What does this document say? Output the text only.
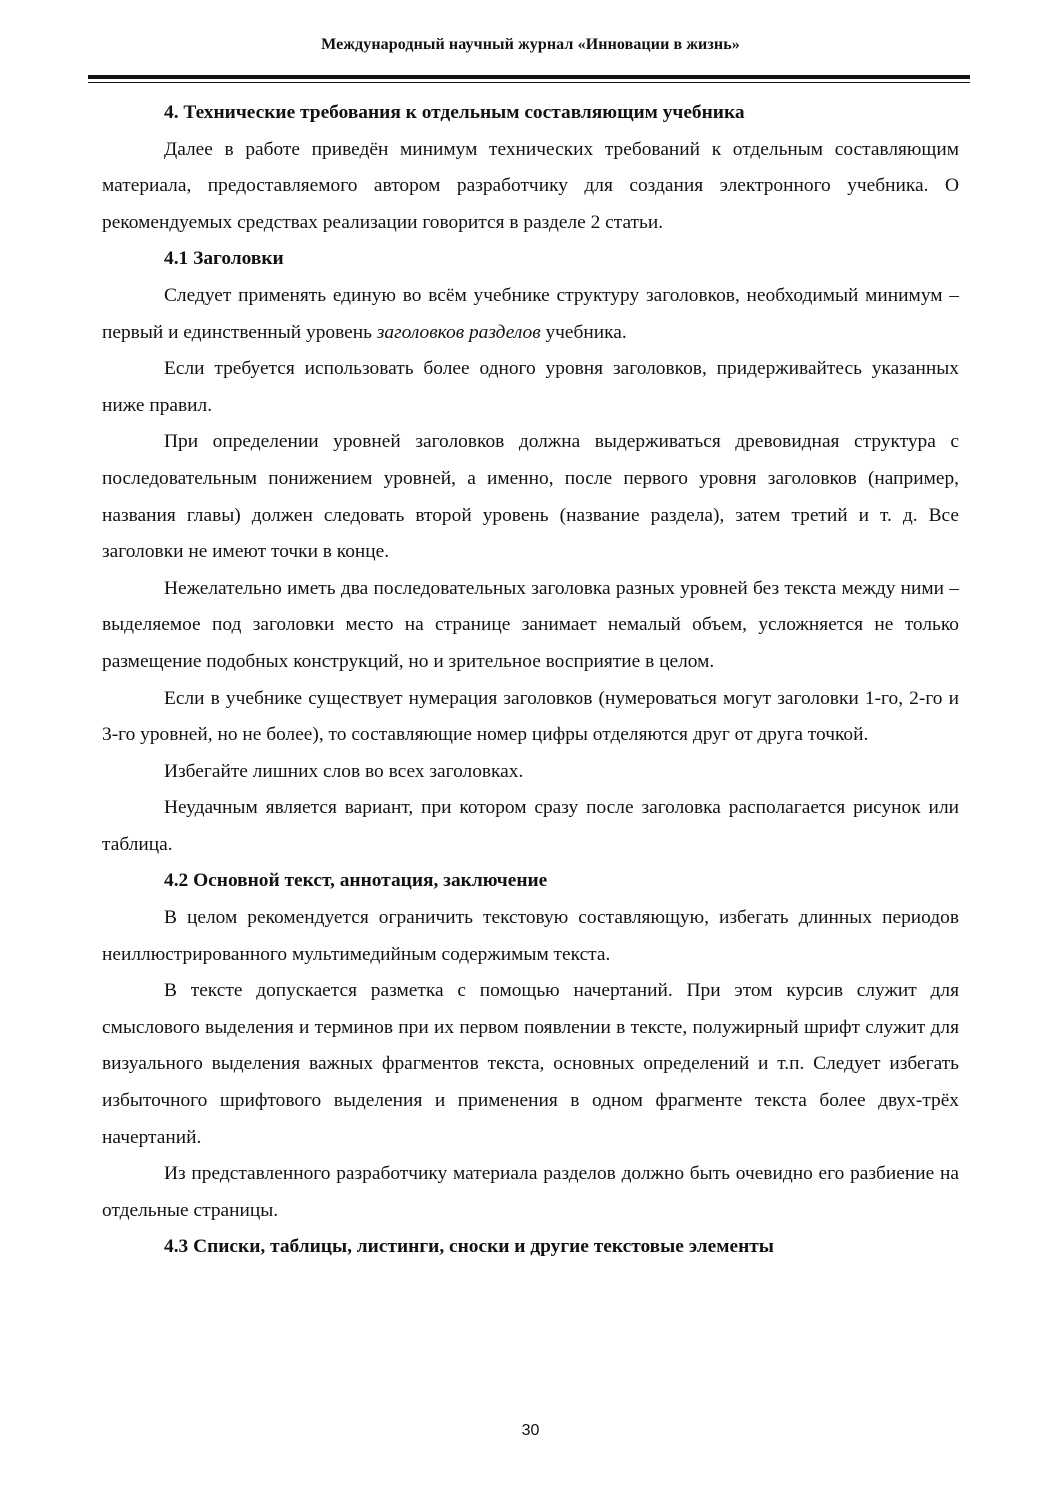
Международный научный журнал «Инновации в жизнь»
4. Технические требования к отдельным составляющим учебника

Далее в работе приведён минимум технических требований к отдельным составляющим материала, предоставляемого автором разработчику для создания электронного учебника. О рекомендуемых средствах реализации говорится в разделе 2 статьи.

4.1 Заголовки

Следует применять единую во всём учебнике структуру заголовков, необходимый минимум – первый и единственный уровень заголовков разделов учебника.

Если требуется использовать более одного уровня заголовков, придерживайтесь указанных ниже правил.

При определении уровней заголовков должна выдерживаться древовидная структура с последовательным понижением уровней, а именно, после первого уровня заголовков (например, названия главы) должен следовать второй уровень (название раздела), затем третий и т. д. Все заголовки не имеют точки в конце.

Нежелательно иметь два последовательных заголовка разных уровней без текста между ними – выделяемое под заголовки место на странице занимает немалый объем, усложняется не только размещение подобных конструкций, но и зрительное восприятие в целом.

Если в учебнике существует нумерация заголовков (нумероваться могут заголовки 1-го, 2-го и 3-го уровней, но не более), то составляющие номер цифры отделяются друг от друга точкой.

Избегайте лишних слов во всех заголовках.

Неудачным является вариант, при котором сразу после заголовка располагается рисунок или таблица.

4.2 Основной текст, аннотация, заключение

В целом рекомендуется ограничить текстовую составляющую, избегать длинных периодов неиллюстрированного мультимедийным содержимым текста.

В тексте допускается разметка с помощью начертаний. При этом курсив служит для смыслового выделения и терминов при их первом появлении в тексте, полужирный шрифт служит для визуального выделения важных фрагментов текста, основных определений и т.п. Следует избегать избыточного шрифтового выделения и применения в одном фрагменте текста более двух-трёх начертаний.

Из представленного разработчику материала разделов должно быть очевидно его разбиение на отдельные страницы.

4.3 Списки, таблицы, листинги, сноски и другие текстовые элементы
30
